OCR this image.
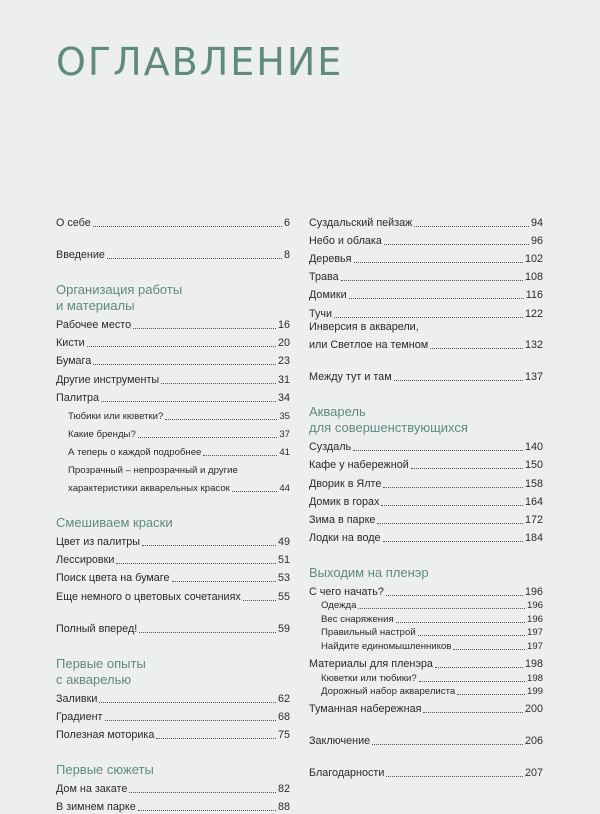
ОГЛАВЛЕНИЕ
О себе	6
Введение	8

Организация работы

и материалы

Рабочее место	16
Кисти	20
Бумага	23
Другие инструменты	31
Палитра	34
Тюбики или кюветки?	35
Какие бренды?	37
А теперь о каждой подробнее	41
Прозрачный – непрозрачный и другие
характеристики акварельных красок	44

Смешиваем краски

Цвет из палитры	49
Лессировки	51
Поиск цвета на бумаге	53
Еще немного о цветовых сочетаниях	55
Полный вперед!	59

Первые опыты

с акварелью

Заливки	62
Градиент	68
Полезная моторика	75

Первые сюжеты

Дом на закате	82
В зимнем парке	88
Суздальский пейзаж	94
Небо и облака	96
Деревья	102
Трава	108
Домики	116
Тучи	122
Инверсия в акварели,
или Светлое на темном	132
Между тут и там	137

Акварель

для совершенствующихся

Суздаль	140
Кафе у набережной	150
Дворик в Ялте	158
Домик в горах	164
Зима в парке	172
Лодки на воде	184

Выходим на пленэр

С чего начать?	196
Одежда	196
Вес снаряжения	196
Правильный настрой	197
Найдите единомышленников	197
Материалы для пленэра	198
Кюветки или тюбики?	198
Дорожный набор акварелиста	199
Туманная набережная	200
Заключение	206
Благодарности	207
